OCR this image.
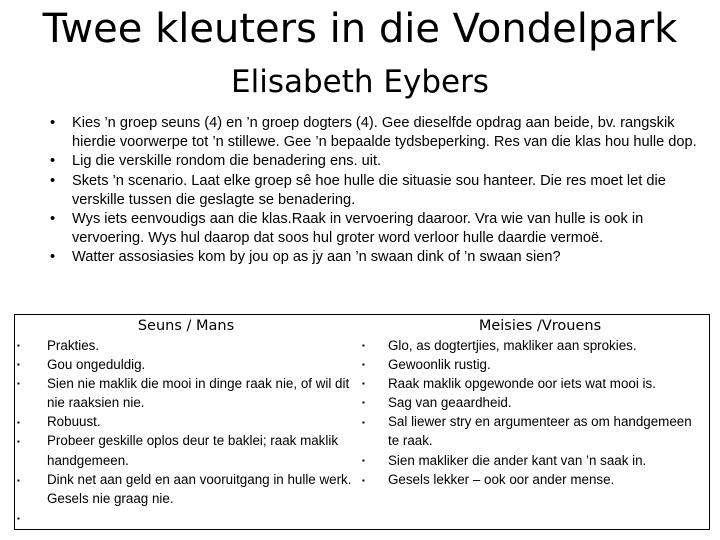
Twee kleuters in die Vondelpark
Elisabeth Eybers
• Kies ’n groep seuns (4) en ’n groep dogters (4). Gee dieselfde opdrag aan beide, bv. rangskik hierdie voorwerpe tot ’n stillewe. Gee ’n bepaalde tydsbeperking. Res van die klas hou hulle dop.
• Lig die verskille rondom die benadering ens. uit.
• Skets ’n scenario. Laat elke groep sê hoe hulle die situasie sou hanteer. Die res moet let die verskille tussen die geslagte se benadering.
• Wys iets eenvoudigs aan die klas.Raak in vervoering daaroor. Vra wie van hulle is ook in vervoering. Wys hul daarop dat soos hul groter word verloor hulle daardie vermoë.
• Watter assosiasies kom by jou op as jy aan ’n swaan dink of ’n swaan sien?
Seuns / Mans	Meisies /Vrouens
▪
▪
▪
▪
▪
▪
▪
Prakties.
Gou ongeduldig.
Sien nie maklik die mooi in dinge raak nie, of wil dit nie raaksien nie.
Robuust.
Probeer geskille oplos deur te baklei; raak maklik handgemeen.
Dink net aan geld en aan vooruitgang in hulle werk.
Gesels nie graag nie.
▪
▪
▪
▪
▪
▪
▪
Glo, as dogtertjies, makliker aan sprokies.
Gewoonlik rustig.
Raak maklik opgewonde oor iets wat mooi is.
Sag van geaardheid.
Sal liewer stry en argumenteer as om handgemeen te raak.
Sien makliker die ander kant van ’n saak in.
Gesels lekker – ook oor ander mense.
